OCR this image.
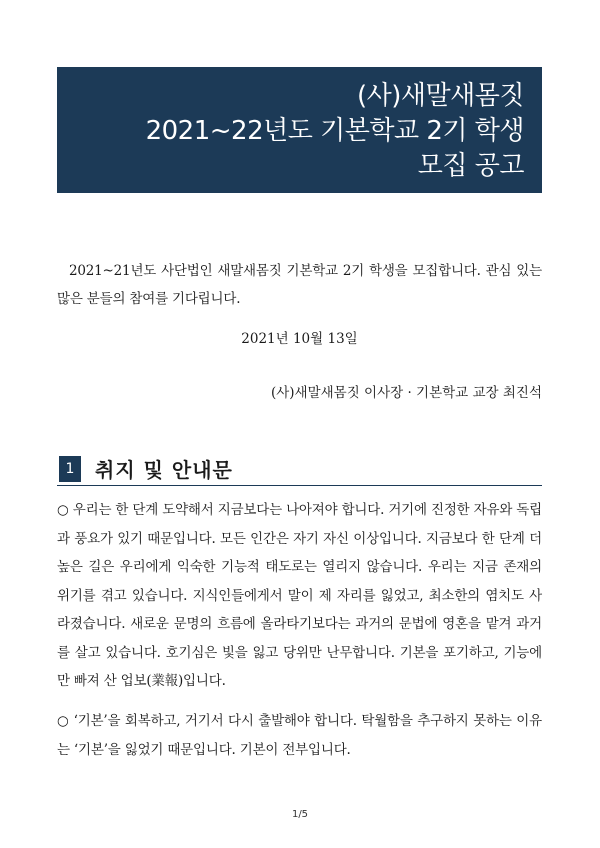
(사)새말새몸짓
2021~22년도 기본학교 2기 학생
모집 공고
2021~21년도 사단법인 새말새몸짓 기본학교 2기 학생을 모집합니다. 관심 있는 많은 분들의 참여를 기다립니다.
2021년 10월 13일
(사)새말새몸짓 이사장 · 기본학교 교장 최진석
1	취지 및 안내문
○ 우리는 한 단계 도약해서 지금보다는 나아져야 합니다. 거기에 진정한 자유와 독립과 풍요가 있기 때문입니다. 모든 인간은 자기 자신 이상입니다. 지금보다 한 단계 더 높은 길은 우리에게 익숙한 기능적 태도로는 열리지 않습니다. 우리는 지금 존재의 위기를 겪고 있습니다. 지식인들에게서 말이 제 자리를 잃었고, 최소한의 염치도 사라졌습니다. 새로운 문명의 흐름에 올라타기보다는 과거의 문법에 영혼을 맡겨 과거를 살고 있습니다. 호기심은 빛을 잃고 당위만 난무합니다. 기본을 포기하고, 기능에만 빠져 산 업보(業報)입니다.
○ ‘기본’을 회복하고, 거기서 다시 출발해야 합니다. 탁월함을 추구하지 못하는 이유는 ‘기본’을 잃었기 때문입니다. 기본이 전부입니다.
1/5
